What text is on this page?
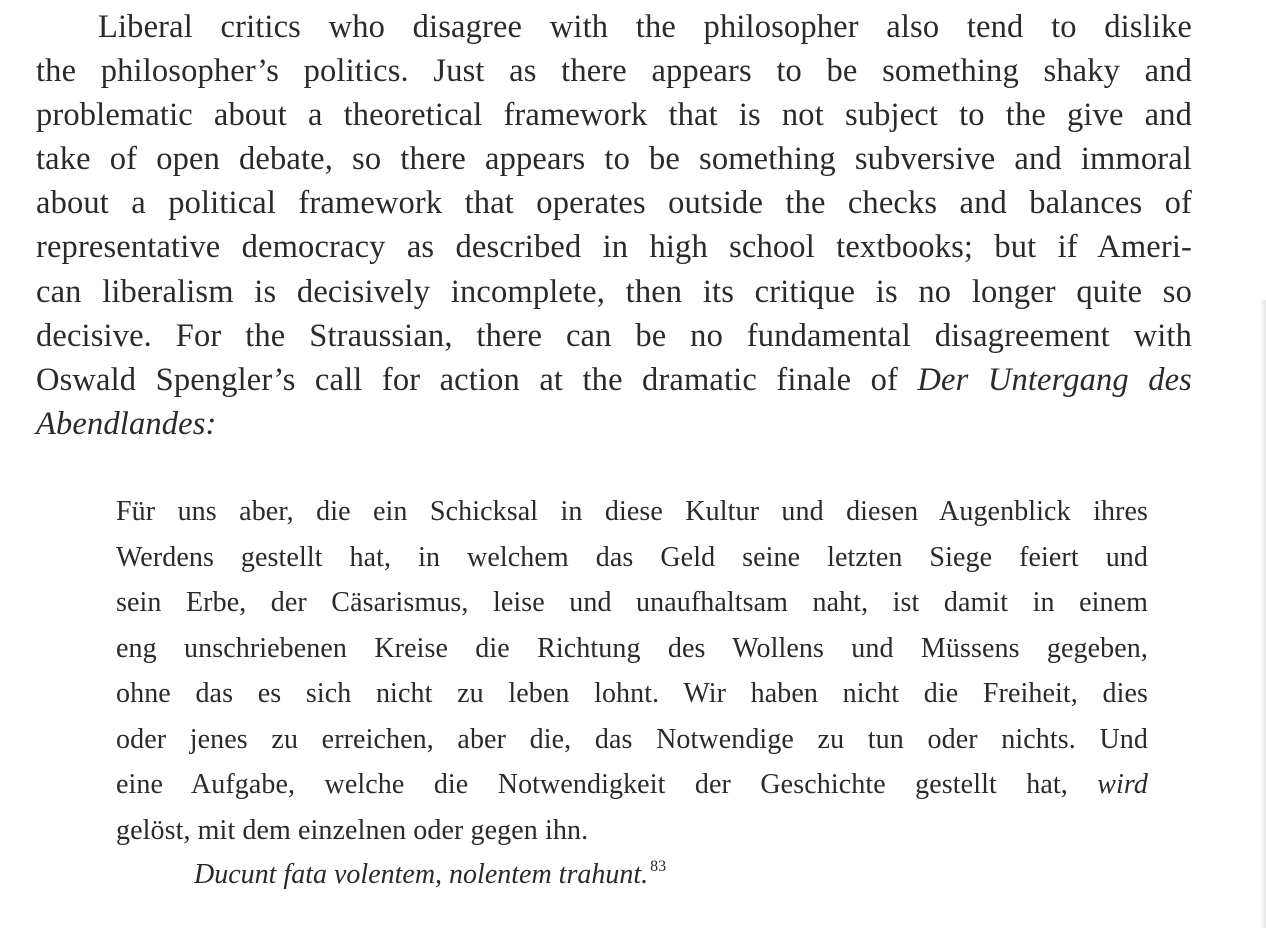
Liberal critics who disagree with the philosopher also tend to dislike
the philosopher’s politics. Just as there appears to be something shaky and
problematic about a theoretical framework that is not subject to the give and
take of open debate, so there appears to be something subversive and immoral
about a political framework that operates outside the checks and balances of
representative democracy as described in high school textbooks; but if Ameri-
can liberalism is decisively incomplete, then its critique is no longer quite so
decisive. For the Straussian, there can be no fundamental disagreement with
Oswald Spengler’s call for action at the dramatic finale of Der Untergang des
Abendlandes:
Für uns aber, die ein Schicksal in diese Kultur und diesen Augenblick ihres
Werdens gestellt hat, in welchem das Geld seine letzten Siege feiert und
sein Erbe, der Cäsarismus, leise und unaufhaltsam naht, ist damit in einem
eng unschriebenen Kreise die Richtung des Wollens und Müssens gegeben,
ohne das es sich nicht zu leben lohnt. Wir haben nicht die Freiheit, dies
oder jenes zu erreichen, aber die, das Notwendige zu tun oder nichts. Und
eine Aufgabe, welche die Notwendigkeit der Geschichte gestellt hat, wird
gelöst, mit dem einzelnen oder gegen ihn.
Ducunt fata volentem, nolentem trahunt. $^{83}$
